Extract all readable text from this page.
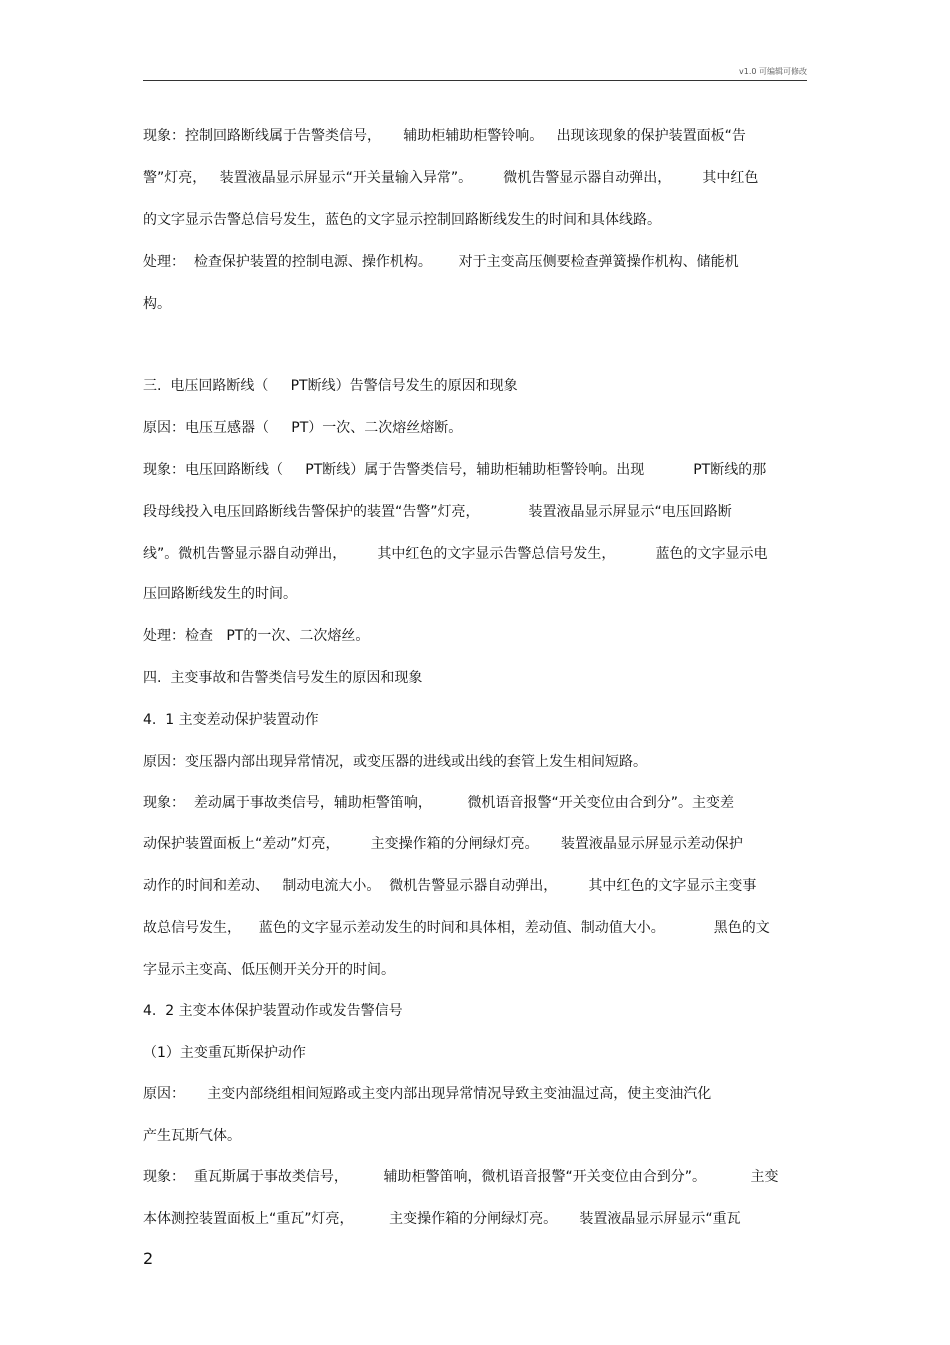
v1.0 可编辑可修改
现象：控制回路断线属于告警类信号，     辅助柜辅助柜警铃响。   出现该现象的保护装置面板“告
警”灯亮，   装置液晶显示屏显示“开关量输入异常”。       微机告警显示器自动弹出，       其中红色
的文字显示告警总信号发生，蓝色的文字显示控制回路断线发生的时间和具体线路。
处理：  检查保护装置的控制电源、操作机构。      对于主变高压侧要检查弹簧操作机构、储能机
构。
三.  电压回路断线（     PT断线）告警信号发生的原因和现象
原因：电压互感器（     PT）一次、二次熔丝熔断。
现象：电压回路断线（     PT断线）属于告警类信号，辅助柜辅助柜警铃响。出现           PT断线的那
段母线投入电压回路断线告警保护的装置“告警”灯亮，           装置液晶显示屏显示“电压回路断
线”。微机告警显示器自动弹出，       其中红色的文字显示告警总信号发生，         蓝色的文字显示电
压回路断线发生的时间。
处理：检查   PT的一次、二次熔丝。
四.  主变事故和告警类信号发生的原因和现象
4.  1 主变差动保护装置动作
原因：变压器内部出现异常情况，或变压器的进线或出线的套管上发生相间短路。
现象：  差动属于事故类信号，辅助柜警笛响，        微机语音报警“开关变位由合到分”。主变差
动保护装置面板上“差动”灯亮，       主变操作箱的分闸绿灯亮。     装置液晶显示屏显示差动保护
动作的时间和差动、   制动电流大小。  微机告警显示器自动弹出，       其中红色的文字显示主变事
故总信号发生，    蓝色的文字显示差动发生的时间和具体相，差动值、制动值大小。           黑色的文
字显示主变高、低压侧开关分开的时间。
4.  2 主变本体保护装置动作或发告警信号
（1）主变重瓦斯保护动作
原因：     主变内部绕组相间短路或主变内部出现异常情况导致主变油温过高，使主变油汽化
产生瓦斯气体。
现象：  重瓦斯属于事故类信号，        辅助柜警笛响，微机语音报警“开关变位由合到分”。          主变
本体测控装置面板上“重瓦”灯亮，        主变操作箱的分闸绿灯亮。     装置液晶显示屏显示“重瓦
2
